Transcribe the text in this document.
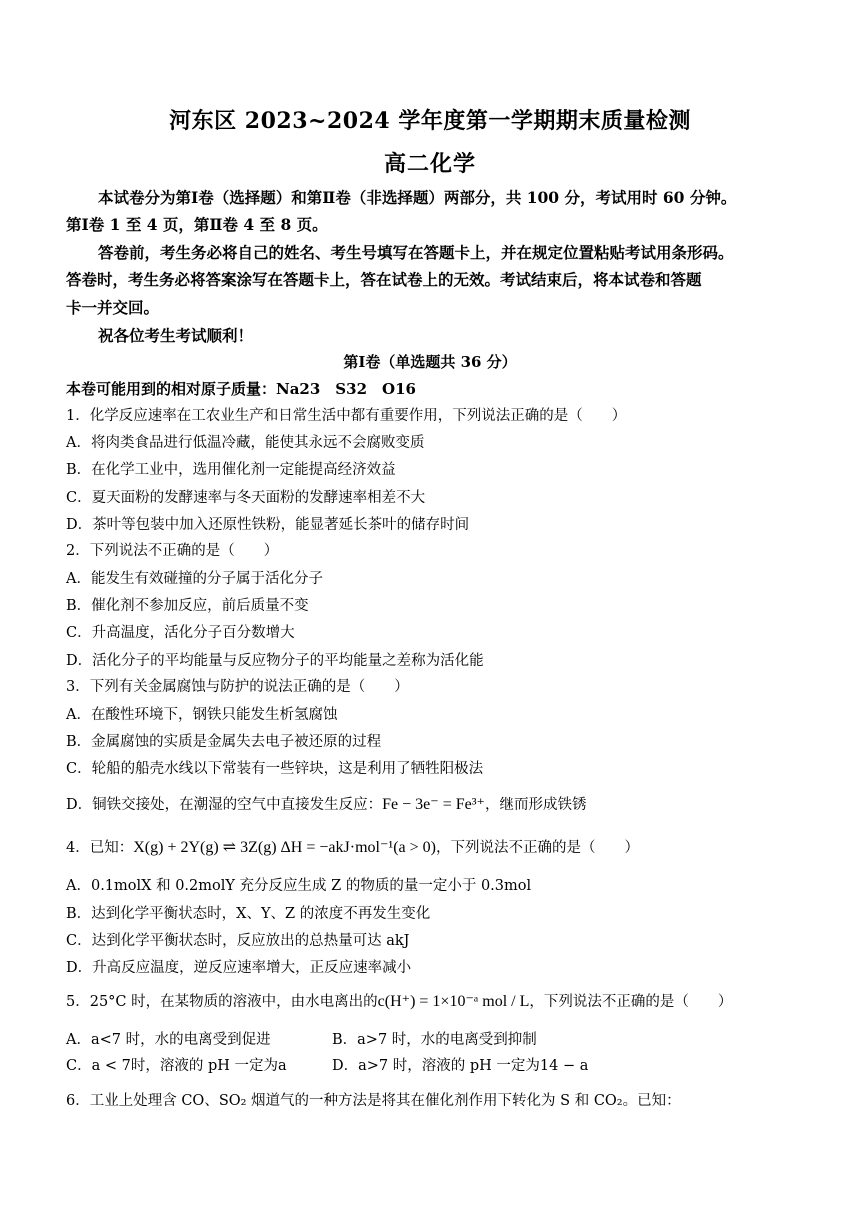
河东区 2023~2024 学年度第一学期期末质量检测
高二化学
本试卷分为第Ⅰ卷（选择题）和第Ⅱ卷（非选择题）两部分，共 100 分，考试用时 60 分钟。
第Ⅰ卷 1 至 4 页，第Ⅱ卷 4 至 8 页。
答卷前，考生务必将自己的姓名、考生号填写在答题卡上，并在规定位置粘贴考试用条形码。
答卷时，考生务必将答案涂写在答题卡上，答在试卷上的无效。考试结束后，将本试卷和答题
卡一并交回。
祝各位考生考试顺利！
第Ⅰ卷（单选题共 36 分）
本卷可能用到的相对原子质量：Na23　S32　O16
1．化学反应速率在工农业生产和日常生活中都有重要作用，下列说法正确的是（　　）
A．将肉类食品进行低温冷藏，能使其永远不会腐败变质
B．在化学工业中，选用催化剂一定能提高经济效益
C．夏天面粉的发酵速率与冬天面粉的发酵速率相差不大
D．茶叶等包装中加入还原性铁粉，能显著延长茶叶的储存时间
2．下列说法不正确的是（　　）
A．能发生有效碰撞的分子属于活化分子
B．催化剂不参加反应，前后质量不变
C．升高温度，活化分子百分数增大
D．活化分子的平均能量与反应物分子的平均能量之差称为活化能
3．下列有关金属腐蚀与防护的说法正确的是（　　）
A．在酸性环境下，钢铁只能发生析氢腐蚀
B．金属腐蚀的实质是金属失去电子被还原的过程
C．轮船的船壳水线以下常装有一些锌块，这是利用了牺牲阳极法
D．铜铁交接处，在潮湿的空气中直接发生反应：Fe − 3e⁻ = Fe³⁺，继而形成铁锈
4．已知：X(g) + 2Y(g) ⇌ 3Z(g) ΔH = −akJ·mol⁻¹(a > 0)，下列说法不正确的是（　　）
A．0.1molX 和 0.2molY 充分反应生成 Z 的物质的量一定小于 0.3mol
B．达到化学平衡状态时，X、Y、Z 的浓度不再发生变化
C．达到化学平衡状态时，反应放出的总热量可达 akJ
D．升高反应温度，逆反应速率增大，正反应速率减小
5．25°C 时，在某物质的溶液中，由水电离出的c(H⁺) = 1×10⁻ᵃ mol / L，下列说法不正确的是（　　）
A．a<7 时，水的电离受到促进	B．a>7 时，水的电离受到抑制
C．a < 7时，溶液的 pH 一定为a	D．a>7 时，溶液的 pH 一定为14 − a
6．工业上处理含 CO、SO₂ 烟道气的一种方法是将其在催化剂作用下转化为 S 和 CO₂。已知：
